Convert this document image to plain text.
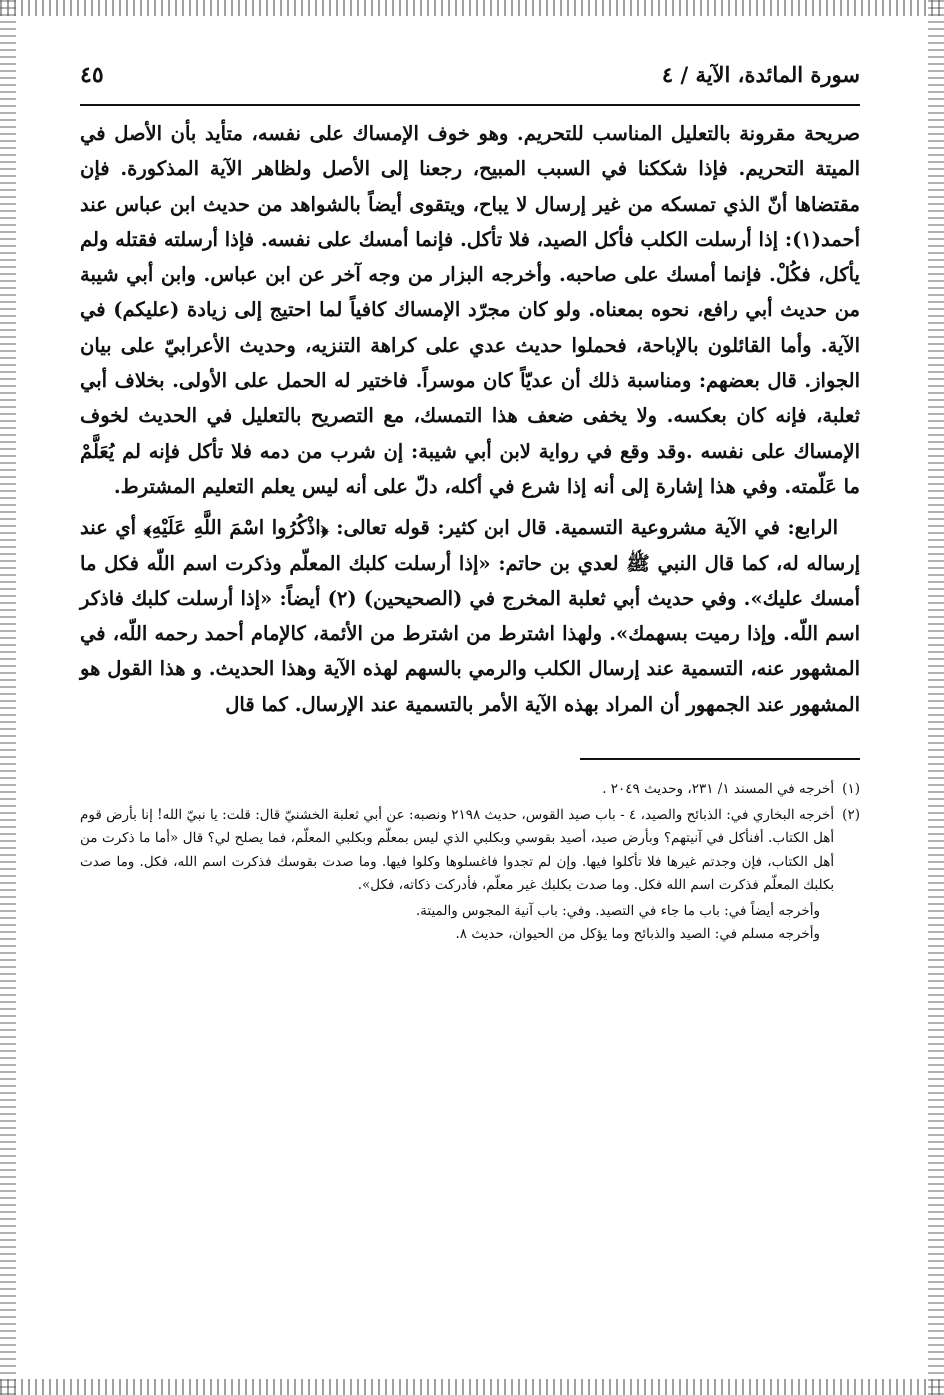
سورة المائدة، الآية / ٤
٤٥

صريحة مقرونة بالتعليل المناسب للتحريم. وهو خوف الإمساك على نفسه، متأيد بأن الأصل في الميتة التحريم. فإذا شككنا في السبب المبيح، رجعنا إلى الأصل ولظاهر الآية المذكورة. فإن مقتضاها أنّ الذي تمسكه من غير إرسال لا يباح، ويتقوى أيضاً بالشواهد من حديث ابن عباس عند أحمد(١): إذا أرسلت الكلب فأكل الصيد، فلا تأكل. فإنما أمسك على نفسه. فإذا أرسلته فقتله ولم يأكل، فكُلْ. فإنما أمسك على صاحبه. وأخرجه البزار من وجه آخر عن ابن عباس. وابن أبي شيبة من حديث أبي رافع، نحوه بمعناه. ولو كان مجرّد الإمساك كافياً لما احتيج إلى زيادة (عليكم) في الآية. وأما القائلون بالإباحة، فحملوا حديث عدي على كراهة التنزيه، وحديث الأعرابيّ على بيان الجواز. قال بعضهم: ومناسبة ذلك أن عديّاً كان موسراً. فاختير له الحمل على الأولى. بخلاف أبي ثعلبة، فإنه كان بعكسه. ولا يخفى ضعف هذا التمسك، مع التصريح بالتعليل في الحديث لخوف الإمساك على نفسه .وقد وقع في رواية لابن أبي شيبة: إن شرب من دمه فلا تأكل فإنه لم يُعَلَّمْ ما عَلّمته. وفي هذا إشارة إلى أنه إذا شرع في أكله، دلّ على أنه ليس يعلم التعليم المشترط.

الرابع: في الآية مشروعية التسمية. قال ابن كثير: قوله تعالى: ﴿اذْكُرُوا اسْمَ اللَّهِ عَلَيْهِ﴾ أي عند إرساله له، كما قال النبي ﷺ لعدي بن حاتم: «إذا أرسلت كلبك المعلّم وذكرت اسم اللّه فكل ما أمسك عليك». وفي حديث أبي ثعلبة المخرج في (الصحيحين) (٢) أيضاً: «إذا أرسلت كلبك فاذكر اسم اللّه. وإذا رميت بسهمك». ولهذا اشترط من اشترط من الأئمة، كالإمام أحمد رحمه اللّه، في المشهور عنه، التسمية عند إرسال الكلب والرمي بالسهم لهذه الآية وهذا الحديث. و هذا القول هو المشهور عند الجمهور أن المراد بهذه الآية الأمر بالتسمية عند الإرسال. كما قال

(١)
أخرجه في المسند ١/ ٢٣١، وحديث ٢٠٤٩ .
(٢)
أخرجه البخاري في: الذبائح والصيد، ٤ - باب صيد القوس، حديث ٢١٩٨ ونصبه: عن أبي ثعلبة الخشنيّ قال: قلت: يا نبيّ الله! إنا بأرض قوم أهل الكتاب. أفنأكل في آنيتهم؟ وبأرض صيد، أصيد بقوسي وبكلبي الذي ليس بمعلّم وبكلبي المعلّم، فما يصلح لي؟ قال «أما ما ذكرت من أهل الكتاب، فإن وجدتم غيرها فلا تأكلوا فيها. وإن لم تجدوا فاغسلوها وكلوا فيها. وما صدت بقوسك فذكرت اسم الله، فكل. وما صدت بكلبك المعلّم فذكرت اسم الله فكل. وما صدت بكلبك غير معلّم، فأدركت ذكاته، فكل».

وأخرجه أيضاً في: باب ما جاء في التصيد. وفي: باب آنية المجوس والميتة.

وأخرجه مسلم في: الصيد والذبائح وما يؤكل من الحيوان، حديث ٨.
